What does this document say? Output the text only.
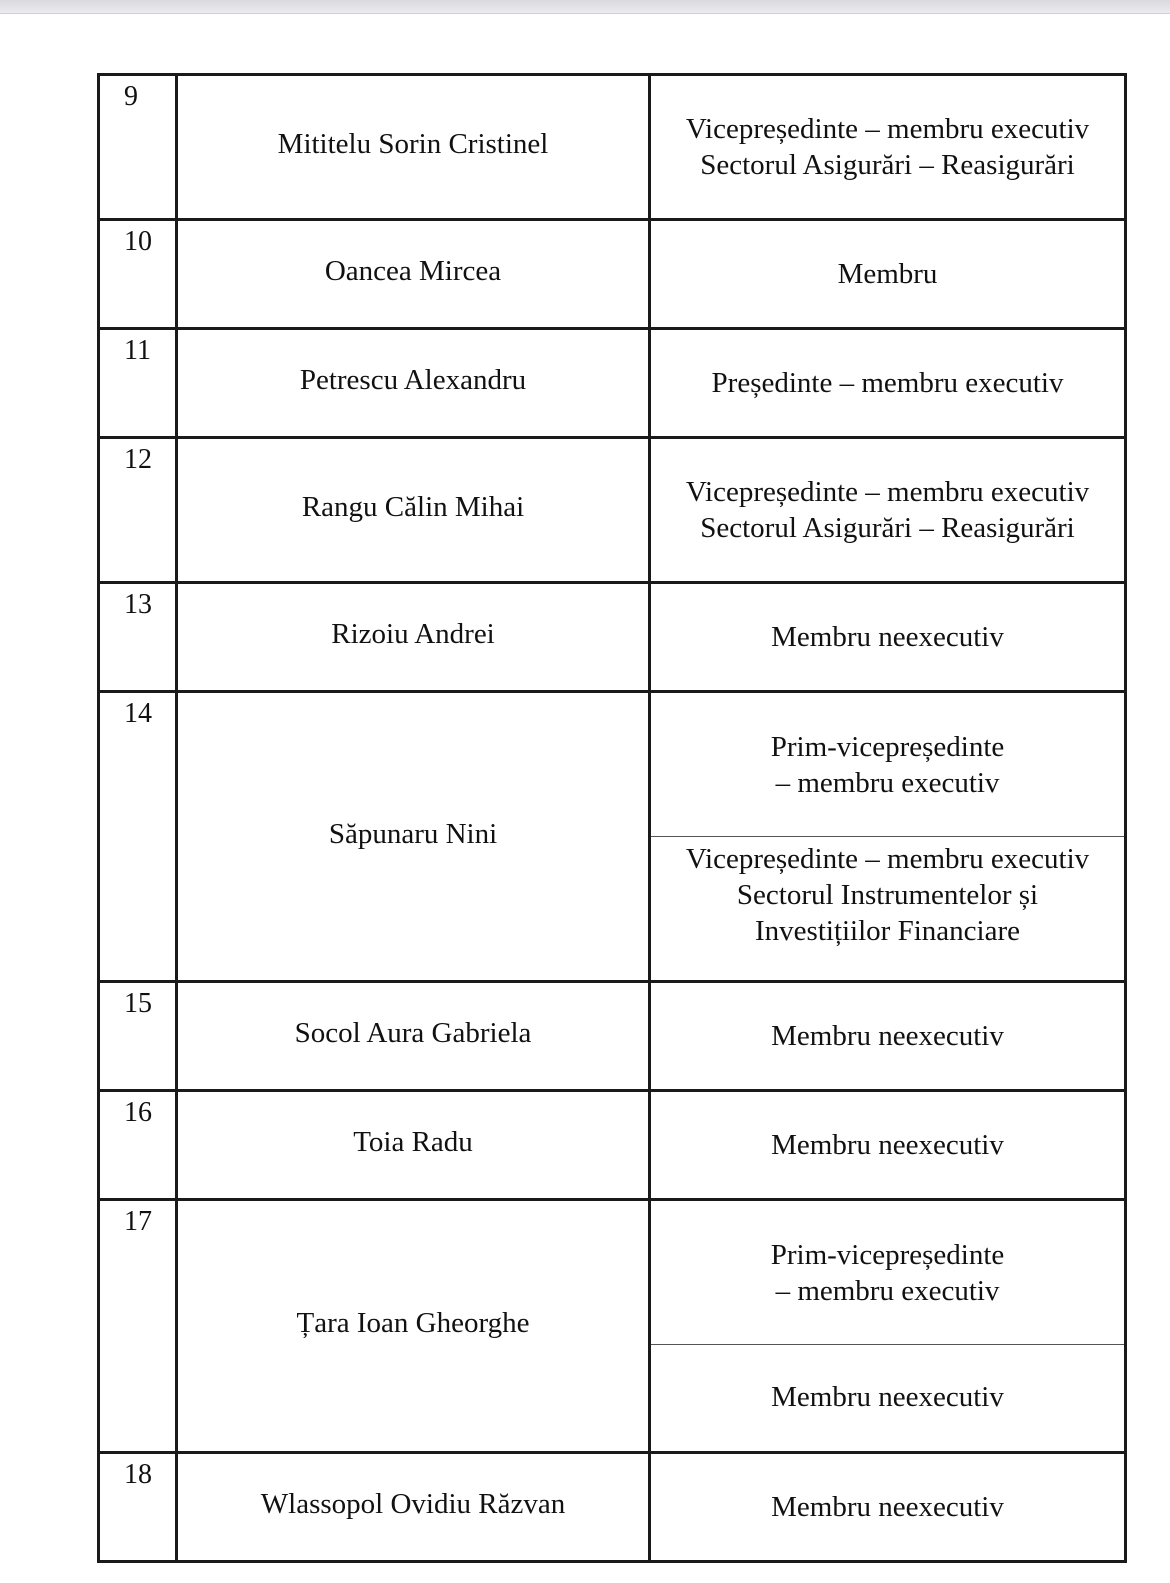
9	Mititelu Sorin Cristinel	Vicepreședinte – membru executiv
Sectorul Asigurări – Reasigurări

10	Oancea Mircea	Membru

11	Petrescu Alexandru	Președinte – membru executiv

12	Rangu Călin Mihai	Vicepreședinte – membru executiv
Sectorul Asigurări – Reasigurări

13	Rizoiu Andrei	Membru neexecutiv

14	Săpunaru Nini	Prim-vicepreședinte
– membru executiv
Vicepreședinte – membru executiv
Sectorul Instrumentelor și
Investițiilor Financiare

15	Socol Aura Gabriela	Membru neexecutiv

16	Toia Radu	Membru neexecutiv

17	Țara Ioan Gheorghe	Prim-vicepreședinte
– membru executiv
Membru neexecutiv

18	Wlassopol Ovidiu Răzvan	Membru neexecutiv
